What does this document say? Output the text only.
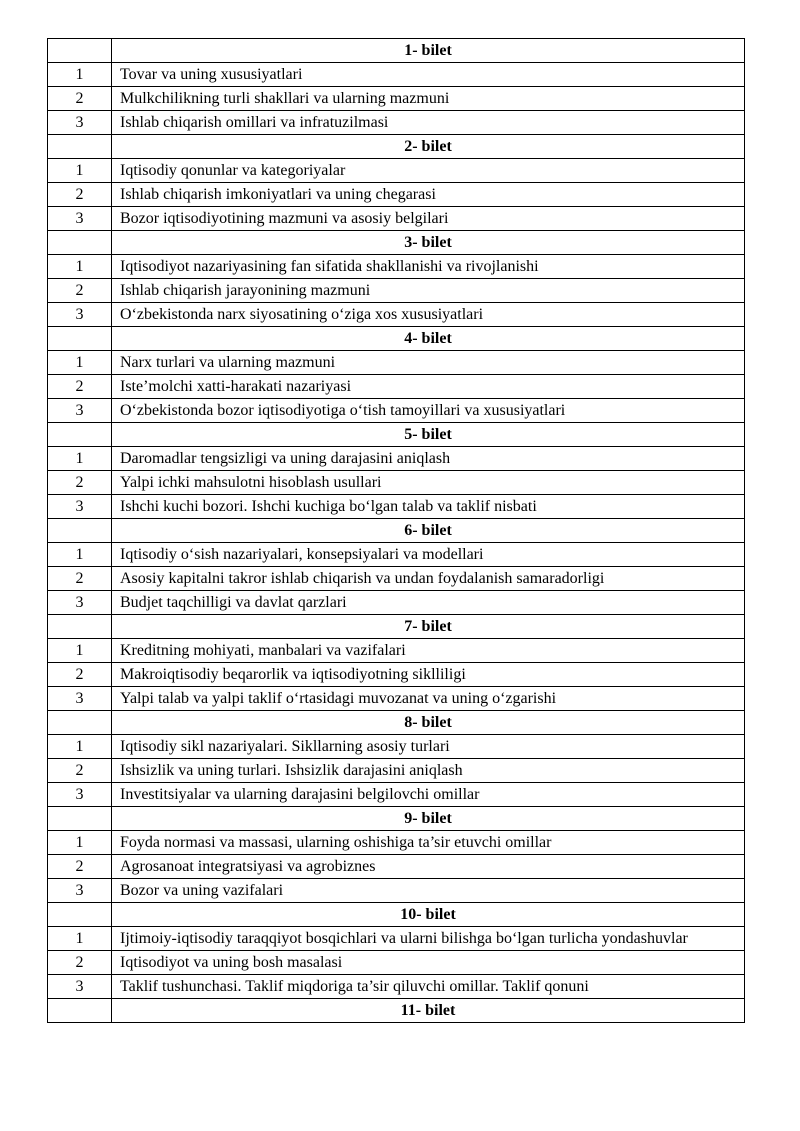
	1- bilet
1	Tovar va uning xususiyatlari
2	Mulkchilikning turli shakllari va ularning mazmuni
3	Ishlab chiqarish omillari va infratuzilmasi
	2- bilet
1	Iqtisodiy qonunlar va kategoriyalar
2	Ishlab chiqarish imkoniyatlari va uning chegarasi
3	Bozor iqtisodiyotining mazmuni va asosiy belgilari
	3- bilet
1	Iqtisodiyot nazariyasining fan sifatida shakllanishi va rivojlanishi
2	Ishlab chiqarish jarayonining mazmuni
3	O‘zbekistonda narx siyosatining o‘ziga xos xususiyatlari
	4- bilet
1	Narx turlari va ularning mazmuni
2	Iste’molchi xatti-harakati nazariyasi
3	O‘zbekistonda bozor iqtisodiyotiga o‘tish tamoyillari va xususiyatlari
	5- bilet
1	Daromadlar tengsizligi va uning darajasini aniqlash
2	Yalpi ichki mahsulotni hisoblash usullari
3	Ishchi kuchi bozori. Ishchi kuchiga bo‘lgan talab va taklif nisbati
	6- bilet
1	Iqtisodiy o‘sish nazariyalari, konsepsiyalari va modellari
2	Asosiy kapitalni takror ishlab chiqarish va undan foydalanish samaradorligi
3	Budjet taqchilligi va davlat qarzlari
	7- bilet
1	Kreditning mohiyati, manbalari va vazifalari
2	Makroiqtisodiy beqarorlik va iqtisodiyotning siklliligi
3	Yalpi talab va yalpi taklif o‘rtasidagi muvozanat va uning o‘zgarishi
	8- bilet
1	Iqtisodiy sikl nazariyalari. Sikllarning asosiy turlari
2	Ishsizlik va uning turlari. Ishsizlik darajasini aniqlash
3	Investitsiyalar va ularning darajasini belgilovchi omillar
	9- bilet
1	Foyda normasi va massasi, ularning oshishiga ta’sir etuvchi omillar
2	Agrosanoat integratsiyasi va agrobiznes
3	Bozor va uning vazifalari
	10- bilet
1	Ijtimoiy-iqtisodiy taraqqiyot bosqichlari va ularni bilishga bo‘lgan turlicha yondashuvlar
2	Iqtisodiyot va uning bosh masalasi
3	Taklif tushunchasi. Taklif miqdoriga ta’sir qiluvchi omillar. Taklif qonuni
	11- bilet
